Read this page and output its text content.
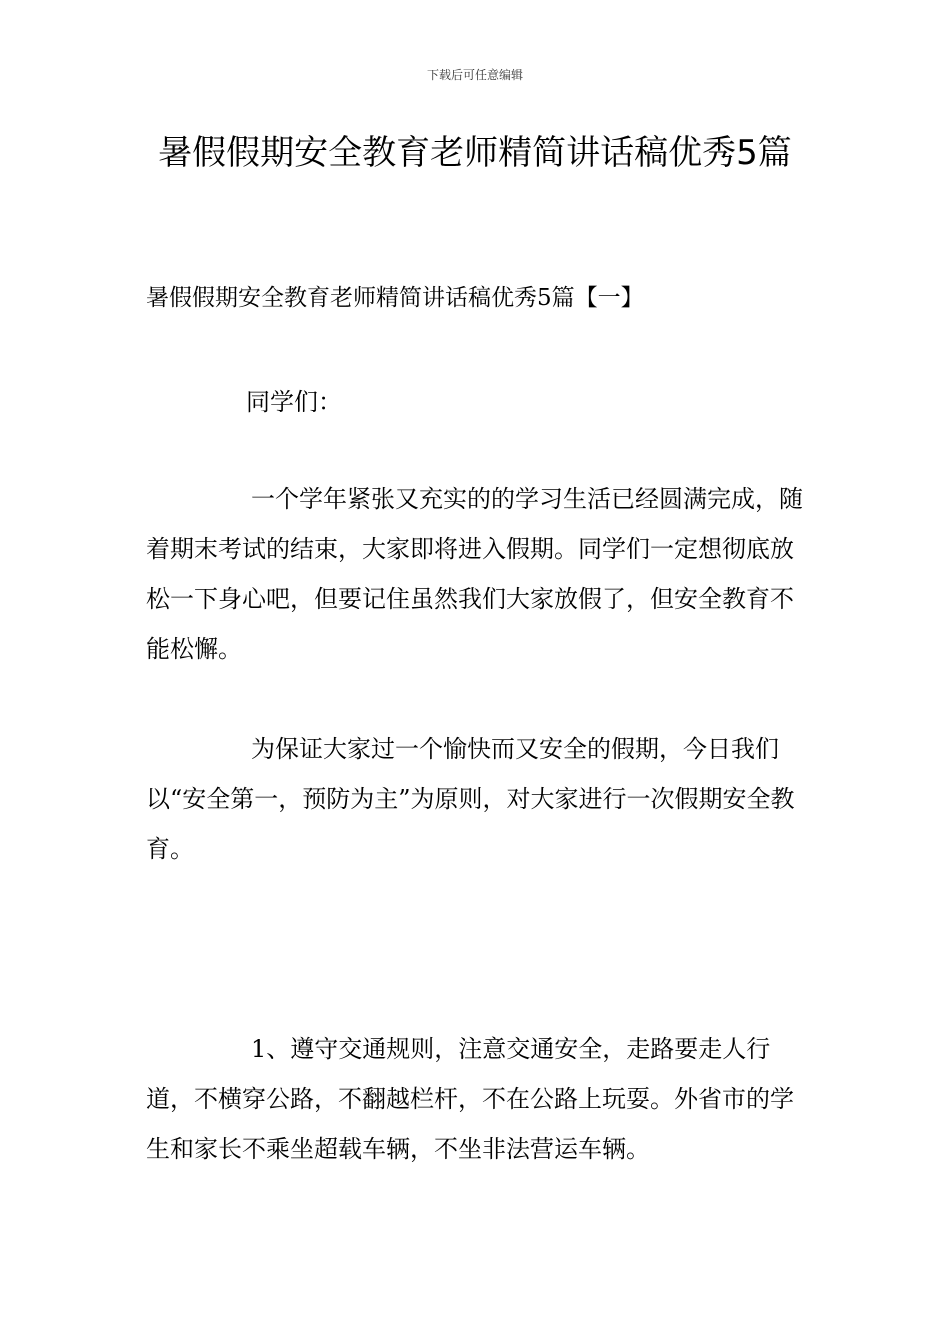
下载后可任意编辑
暑假假期安全教育老师精简讲话稿优秀5篇
暑假假期安全教育老师精简讲话稿优秀5篇【一】

同学们：

一个学年紧张又充实的的学习生活已经圆满完成，随着期末考试的结束，大家即将进入假期。同学们一定想彻底放松一下身心吧，但要记住虽然我们大家放假了，但安全教育不能松懈。

为保证大家过一个愉快而又安全的假期，今日我们以“安全第一，预防为主”为原则，对大家进行一次假期安全教育。

1、遵守交通规则，注意交通安全，走路要走人行道，不横穿公路，不翻越栏杆，不在公路上玩耍。外省市的学生和家长不乘坐超载车辆，不坐非法营运车辆。
